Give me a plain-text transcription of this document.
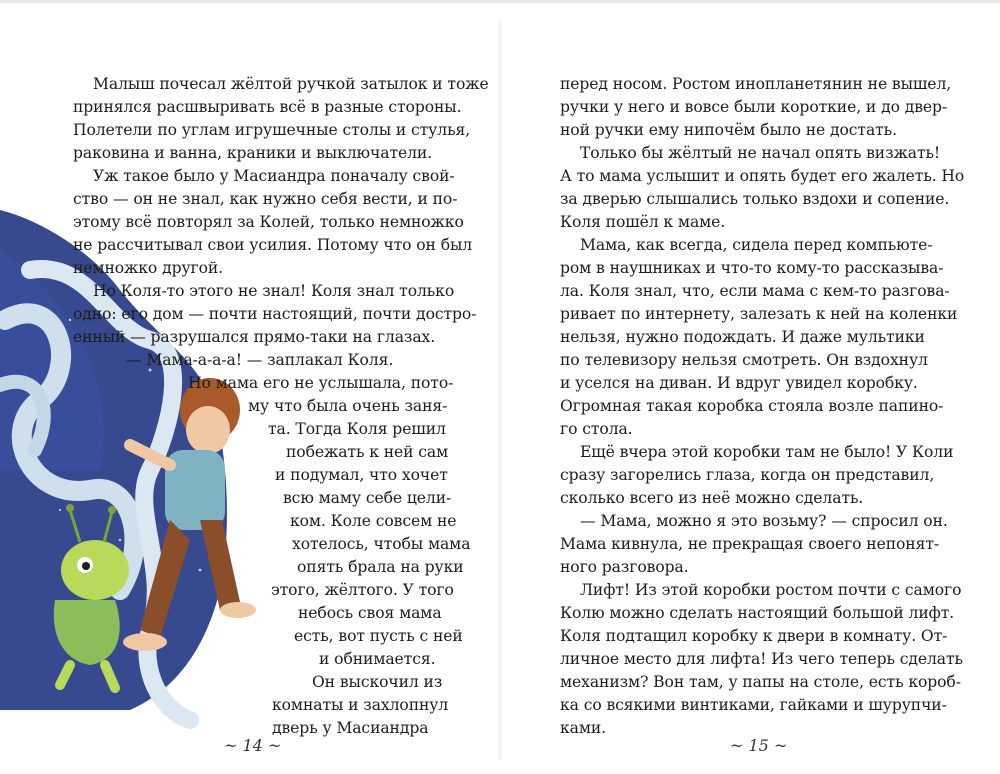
Малыш почесал жёлтой ручкой затылок и тоже
принялся расшвыривать всё в разные стороны.
Полетели по углам игрушечные столы и стулья,
раковина и ванна, краники и выключатели.
Уж такое было у Масиандра поначалу свой-
ство — он не знал, как нужно себя вести, и по-
этому всё повторял за Колей, только немножко
не рассчитывал свои усилия. Потому что он был
немножко другой.
Но Коля-то этого не знал! Коля знал только
одно: его дом — почти настоящий, почти достро-
енный — разрушался прямо-таки на глазах.
— Мама-а-а-а! — заплакал Коля.
Но мама его не услышала, пото-
му что была очень заня-
та. Тогда Коля решил
побежать к ней сам
и подумал, что хочет
всю маму себе цели-
ком. Коле совсем не
хотелось, чтобы мама
опять брала на руки
этого, жёлтого. У того
небось своя мама
есть, вот пусть с ней
и обнимается.
Он выскочил из
комнаты и захлопнул
дверь у Масиандра
~ 14 ~
перед носом. Ростом инопланетянин не вышел,
ручки у него и вовсе были короткие, и до двер-
ной ручки ему нипочём было не достать.
Только бы жёлтый не начал опять визжать!
А то мама услышит и опять будет его жалеть. Но
за дверью слышались только вздохи и сопение.
Коля пошёл к маме.
Мама, как всегда, сидела перед компьюте-
ром в наушниках и что-то кому-то рассказыва-
ла. Коля знал, что, если мама с кем-то разгова-
ривает по интернету, залезать к ней на коленки
нельзя, нужно подождать. И даже мультики
по телевизору нельзя смотреть. Он вздохнул
и уселся на диван. И вдруг увидел коробку.
Огромная такая коробка стояла возле папино-
го стола.
Ещё вчера этой коробки там не было! У Коли
сразу загорелись глаза, когда он представил,
сколько всего из неё можно сделать.
— Мама, можно я это возьму? — спросил он.
Мама кивнула, не прекращая своего непонят-
ного разговора.
Лифт! Из этой коробки ростом почти с самого
Колю можно сделать настоящий большой лифт.
Коля подтащил коробку к двери в комнату. От-
личное место для лифта! Из чего теперь сделать
механизм? Вон там, у папы на столе, есть короб-
ка со всякими винтиками, гайками и шурупчи-
ками.
~ 15 ~
